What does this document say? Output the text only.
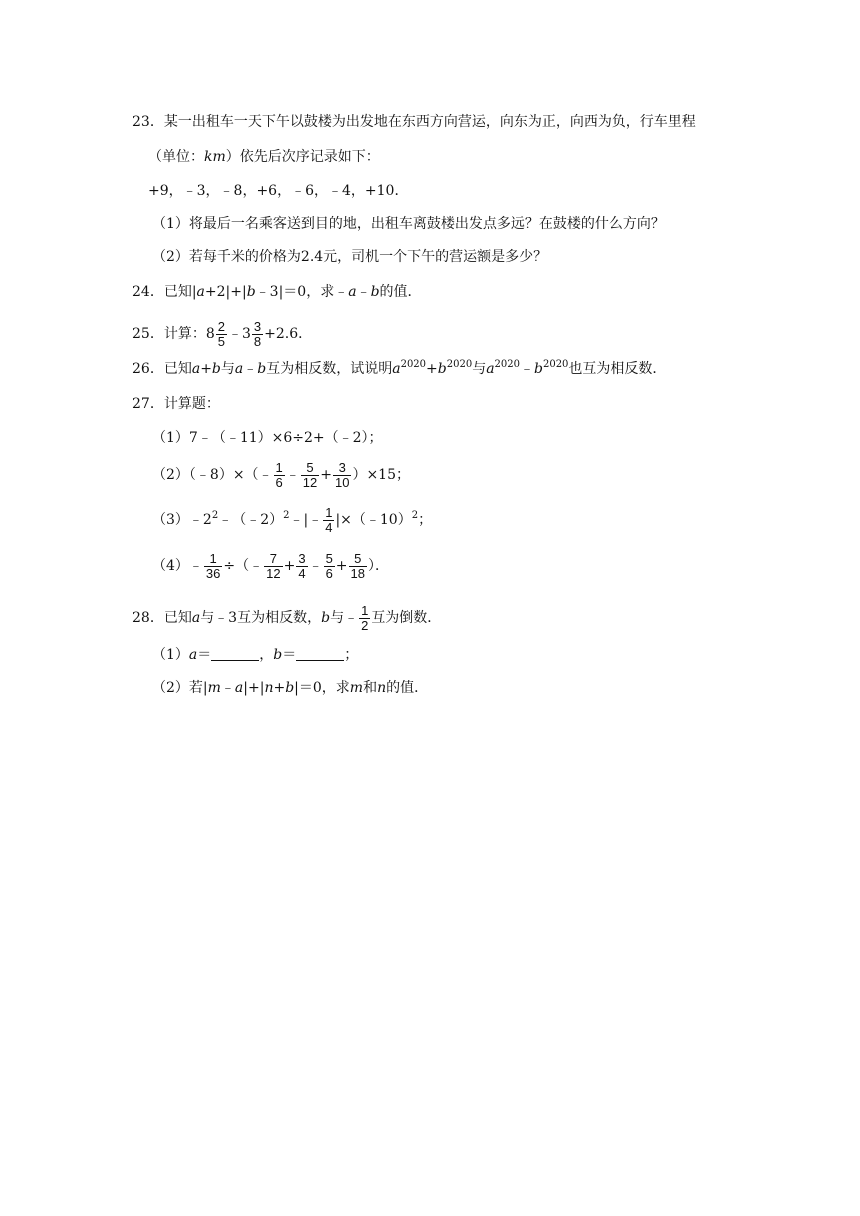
23．某一出租车一天下午以鼓楼为出发地在东西方向营运，向东为正，向西为负，行车里程
（单位：km）依先后次序记录如下：
+9，﹣3，﹣8，+6，﹣6，﹣4，+10．
（1）将最后一名乘客送到目的地，出租车离鼓楼出发点多远？在鼓楼的什么方向？
（2）若每千米的价格为2.4元，司机一个下午的营运额是多少？
24．已知|a+2|+|b﹣3|＝0，求﹣a﹣b的值．
25．计算：$8 \frac{2}{5}$ ﹣3 $\frac{3}{8} +2.6$．
26．已知a+b与a﹣b互为相反数，试说明$a^{2020}+b^{2020}$与$a^{2020}﹣b^{2020}$也互为相反数．
27．计算题：
（1）7﹣（﹣11）×6÷2+（﹣2）；
（2）（﹣8）×（﹣ $\frac{1}{6}$ ﹣ $\frac{5}{12} + \frac{3}{10} )\times 15$；
$(3)﹣2^2﹣(﹣2)^2﹣|﹣ \frac{1}{4}$ |×（﹣10）$^2$；
（4）﹣ $\frac{1}{36}$ ÷（﹣ $\frac{7}{12} + \frac{3}{4}$ ﹣ $\frac{5}{6} + \frac{5}{18}$ ）．
28．已知a与﹣3互为相反数，b与﹣ $\frac{1}{2}$ 互为倒数．
（1）a＝	，b＝	；
（2）若|m﹣a|+|n+b|＝0，求m和n的值．
